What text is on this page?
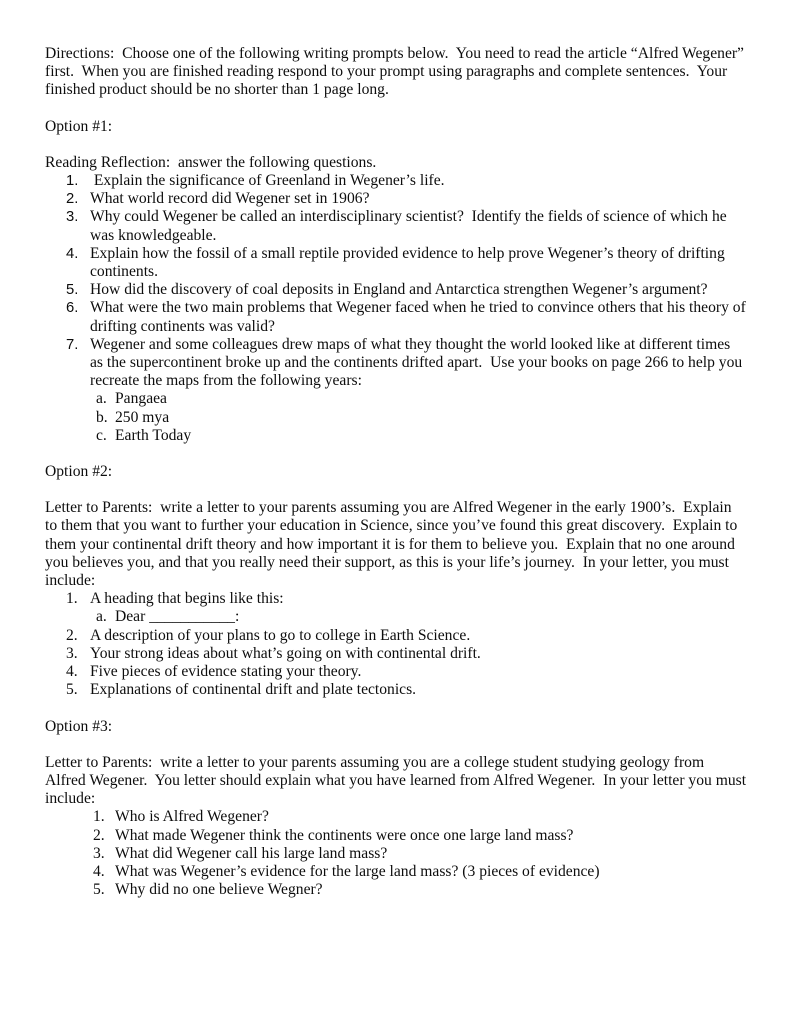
Directions:  Choose one of the following writing prompts below.  You need to read the article “Alfred Wegener” first.  When you are finished reading respond to your prompt using paragraphs and complete sentences.  Your finished product should be no shorter than 1 page long.
Option #1:
Reading Reflection:  answer the following questions.
1. Explain the significance of Greenland in Wegener’s life.
2. What world record did Wegener set in 1906?
3. Why could Wegener be called an interdisciplinary scientist?  Identify the fields of science of which he was knowledgeable.
4. Explain how the fossil of a small reptile provided evidence to help prove Wegener’s theory of drifting continents.
5. How did the discovery of coal deposits in England and Antarctica strengthen Wegener’s argument?
6. What were the two main problems that Wegener faced when he tried to convince others that his theory of drifting continents was valid?
7. Wegener and some colleagues drew maps of what they thought the world looked like at different times as the supercontinent broke up and the continents drifted apart.  Use your books on page 266 to help you recreate the maps from the following years:
a. Pangaea
b. 250 mya
c. Earth Today
Option #2:
Letter to Parents:  write a letter to your parents assuming you are Alfred Wegener in the early 1900’s.  Explain to them that you want to further your education in Science, since you’ve found this great discovery.  Explain to them your continental drift theory and how important it is for them to believe you.  Explain that no one around you believes you, and that you really need their support, as this is your life’s journey.  In your letter, you must include:
1. A heading that begins like this:
a. Dear ___________:
2. A description of your plans to go to college in Earth Science.
3. Your strong ideas about what’s going on with continental drift.
4. Five pieces of evidence stating your theory.
5. Explanations of continental drift and plate tectonics.
Option #3:
Letter to Parents:  write a letter to your parents assuming you are a college student studying geology from Alfred Wegener.  You letter should explain what you have learned from Alfred Wegener.  In your letter you must include:
1. Who is Alfred Wegener?
2. What made Wegener think the continents were once one large land mass?
3. What did Wegener call his large land mass?
4. What was Wegener’s evidence for the large land mass? (3 pieces of evidence)
5. Why did no one believe Wegner?
